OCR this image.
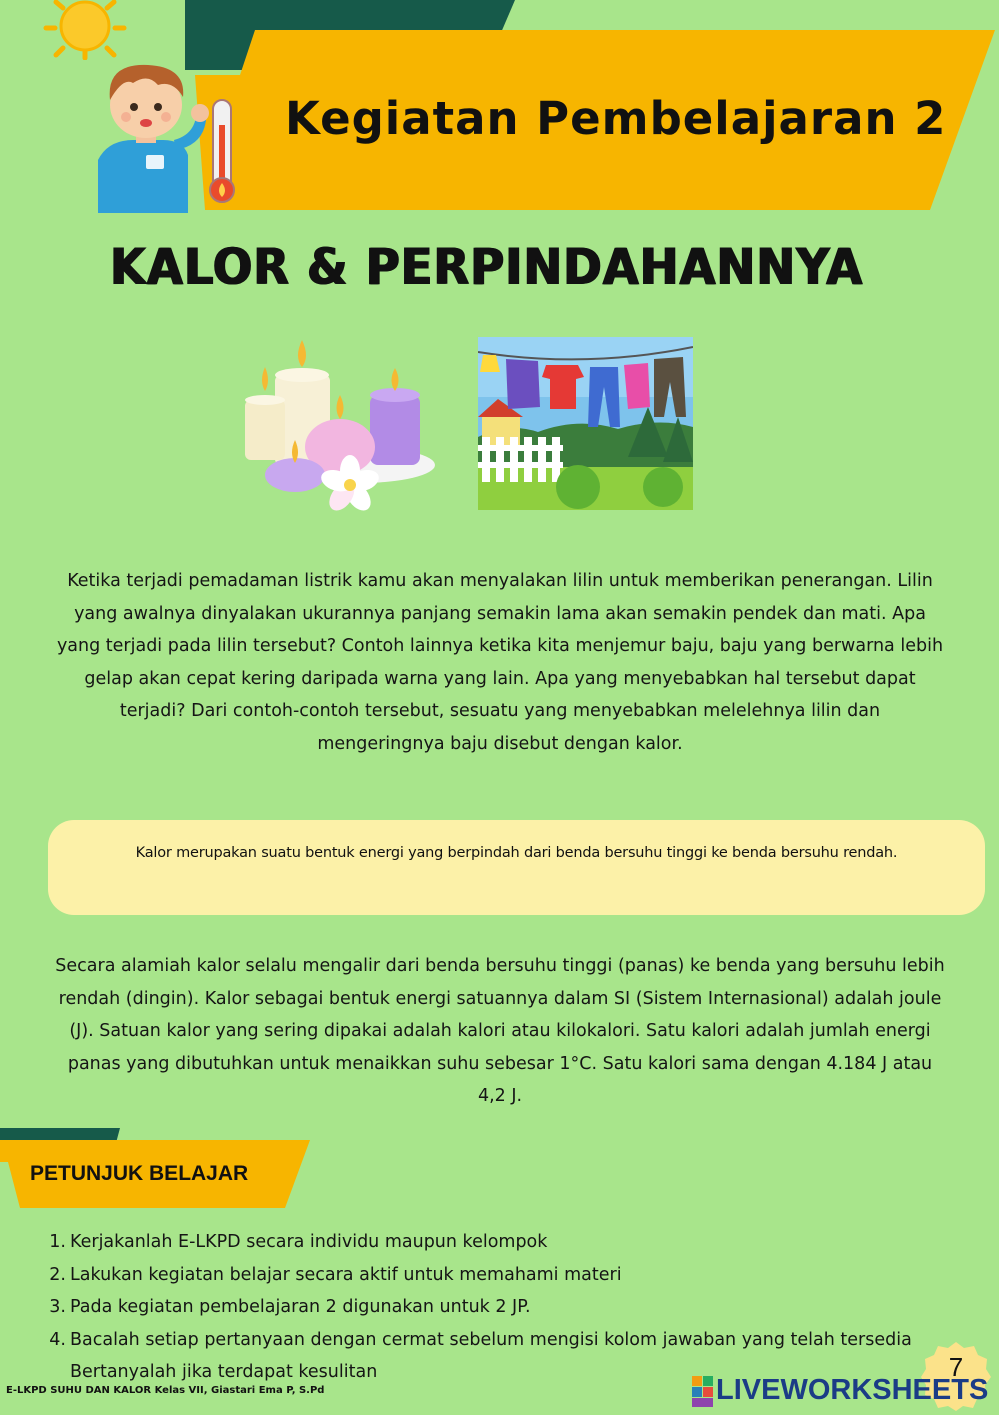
Kegiatan Pembelajaran 2
KALOR & PERPINDAHANNYA
Ketika terjadi pemadaman listrik kamu akan menyalakan lilin untuk memberikan penerangan. Lilin yang awalnya dinyalakan ukurannya panjang semakin lama akan semakin pendek dan mati. Apa yang terjadi pada lilin tersebut? Contoh lainnya ketika kita menjemur baju, baju yang berwarna lebih gelap akan cepat kering daripada warna yang lain. Apa yang menyebabkan hal tersebut dapat terjadi? Dari contoh-contoh tersebut, sesuatu yang menyebabkan melelehnya lilin dan mengeringnya baju disebut dengan kalor.
Kalor merupakan suatu bentuk energi yang berpindah dari benda bersuhu tinggi ke benda bersuhu rendah.
Secara alamiah kalor selalu mengalir dari benda bersuhu tinggi (panas) ke benda yang bersuhu lebih rendah (dingin). Kalor sebagai bentuk energi satuannya dalam SI (Sistem Internasional) adalah joule (J). Satuan kalor yang sering dipakai adalah kalori atau kilokalori. Satu kalori adalah jumlah energi panas yang dibutuhkan untuk menaikkan suhu sebesar 1°C. Satu kalori sama dengan 4.184 J atau 4,2 J.
PETUNJUK BELAJAR
1. Kerjakanlah E-LKPD secara individu maupun kelompok
2. Lakukan kegiatan belajar secara aktif untuk memahami materi
3. Pada kegiatan pembelajaran 2 digunakan untuk 2 JP.
4. Bacalah setiap pertanyaan dengan cermat sebelum mengisi kolom jawaban yang telah tersedia Bertanyalah jika terdapat kesulitan
E-LKPD SUHU DAN KALOR Kelas VII, Giastari Ema P, S.Pd
7
LIVEWORKSHEETS
